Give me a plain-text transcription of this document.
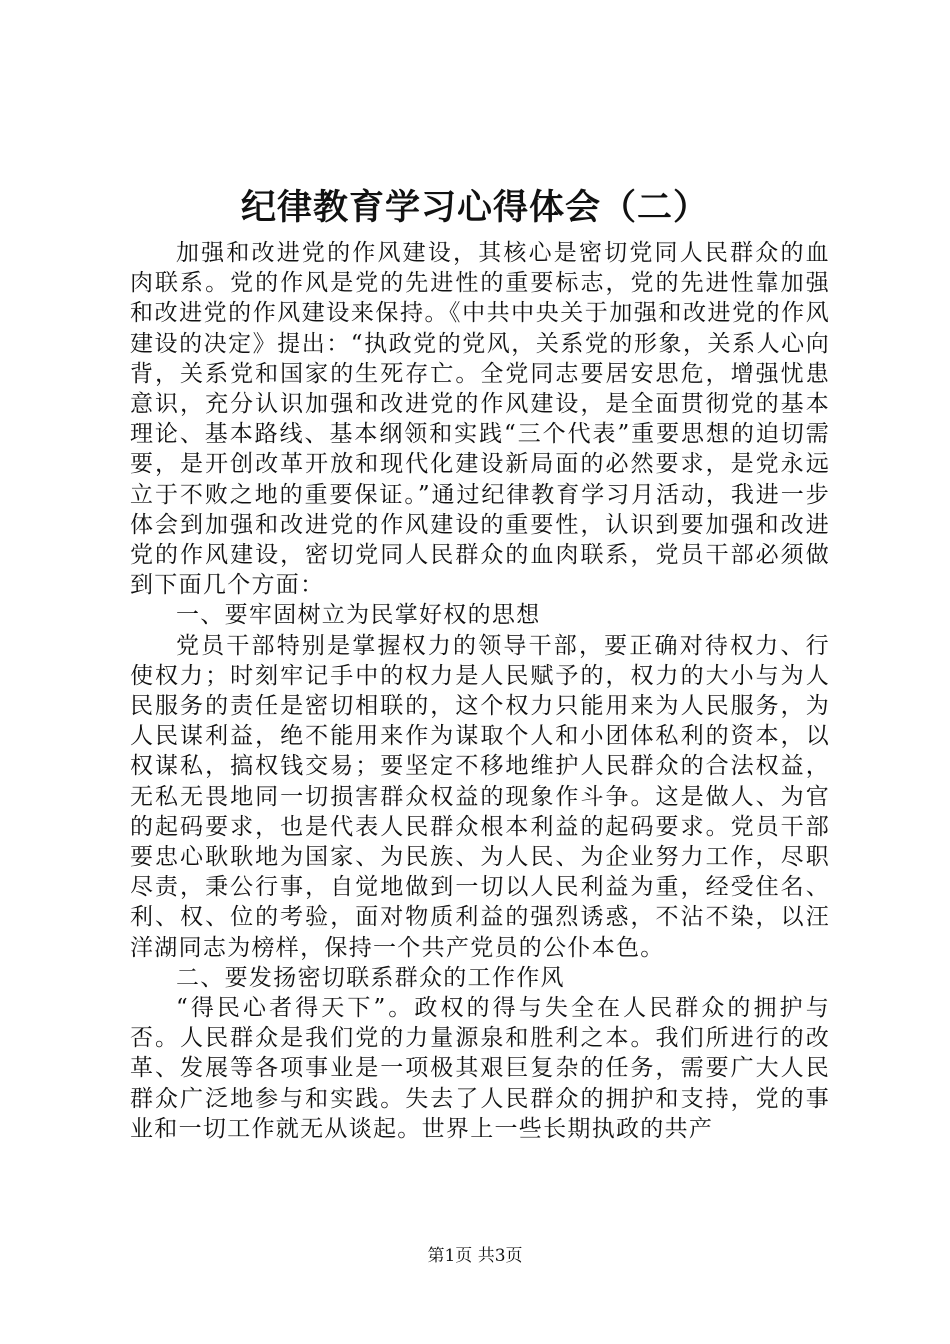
纪律教育学习心得体会（二）

加强和改进党的作风建设，其核心是密切党同人民群众的血肉联系。党的作风是党的先进性的重要标志，党的先进性靠加强和改进党的作风建设来保持。《中共中央关于加强和改进党的作风建设的决定》提出：“执政党的党风，关系党的形象，关系人心向背，关系党和国家的生死存亡。全党同志要居安思危，增强忧患意识，充分认识加强和改进党的作风建设，是全面贯彻党的基本理论、基本路线、基本纲领和实践“三个代表”重要思想的迫切需要，是开创改革开放和现代化建设新局面的必然要求，是党永远立于不败之地的重要保证。”通过纪律教育学习月活动，我进一步体会到加强和改进党的作风建设的重要性，认识到要加强和改进党的作风建设，密切党同人民群众的血肉联系，党员干部必须做到下面几个方面：

一、要牢固树立为民掌好权的思想

党员干部特别是掌握权力的领导干部，要正确对待权力、行使权力；时刻牢记手中的权力是人民赋予的，权力的大小与为人民服务的责任是密切相联的，这个权力只能用来为人民服务，为人民谋利益，绝不能用来作为谋取个人和小团体私利的资本，以权谋私，搞权钱交易；要坚定不移地维护人民群众的合法权益，无私无畏地同一切损害群众权益的现象作斗争。这是做人、为官的起码要求，也是代表人民群众根本利益的起码要求。党员干部要忠心耿耿地为国家、为民族、为人民、为企业努力工作，尽职尽责，秉公行事，自觉地做到一切以人民利益为重，经受住名、利、权、位的考验，面对物质利益的强烈诱惑，不沾不染，以汪洋湖同志为榜样，保持一个共产党员的公仆本色。

二、要发扬密切联系群众的工作作风

“得民心者得天下”。政权的得与失全在人民群众的拥护与否。人民群众是我们党的力量源泉和胜利之本。我们所进行的改革、发展等各项事业是一项极其艰巨复杂的任务，需要广大人民群众广泛地参与和实践。失去了人民群众的拥护和支持，党的事业和一切工作就无从谈起。世界上一些长期执政的共产

第1页 共3页
